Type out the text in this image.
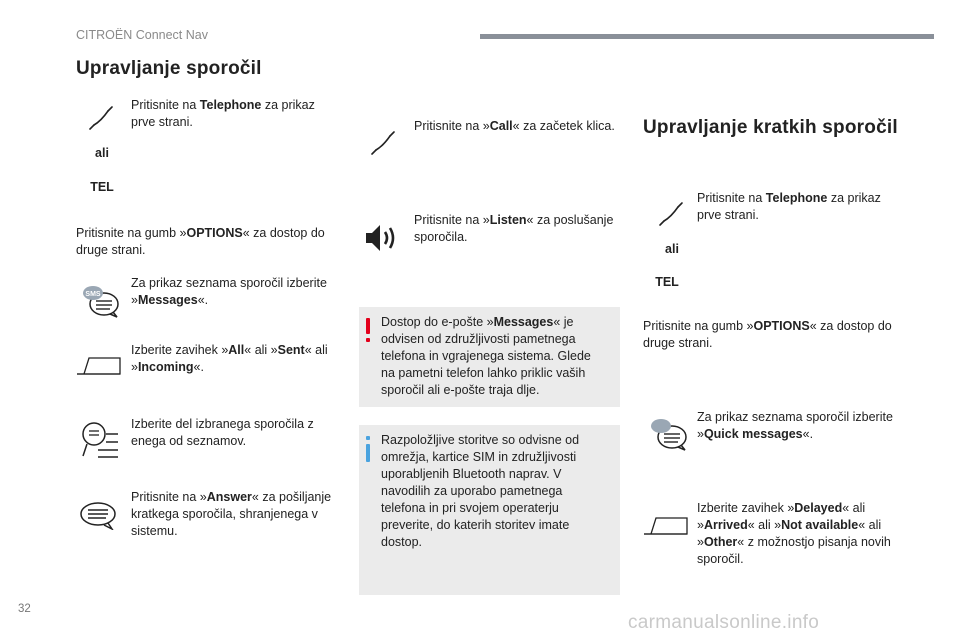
CITROËN Connect Nav
Upravljanje sporočil
ali
TEL
Pritisnite na Telephone za prikaz prve strani.
Pritisnite na gumb »OPTIONS« za dostop do druge strani.
SMS
Za prikaz seznama sporočil izberite »Messages«.
Izberite zavihek »All« ali »Sent« ali »Incoming«.
Izberite del izbranega sporočila z enega od seznamov.
Pritisnite na »Answer« za pošiljanje kratkega sporočila, shranjenega v sistemu.
Pritisnite na »Call« za začetek klica.
Pritisnite na »Listen« za poslušanje sporočila.
Dostop do e-pošte »Messages« je odvisen od združljivosti pametnega telefona in vgrajenega sistema. Glede na pametni telefon lahko priklic vaših sporočil ali e-pošte traja dlje.
Razpoložljive storitve so odvisne od omrežja, kartice SIM in združljivosti uporabljenih Bluetooth naprav. V navodilih za uporabo pametnega telefona in pri svojem operaterju preverite, do katerih storitev imate dostop.
Upravljanje kratkih sporočil
ali
TEL
Pritisnite na Telephone za prikaz prve strani.
Pritisnite na gumb »OPTIONS« za dostop do druge strani.
Za prikaz seznama sporočil izberite »Quick messages«.
Izberite zavihek »Delayed« ali »Arrived« ali »Not available« ali »Other« z možnostjo pisanja novih sporočil.
32
carmanualsonline.info
